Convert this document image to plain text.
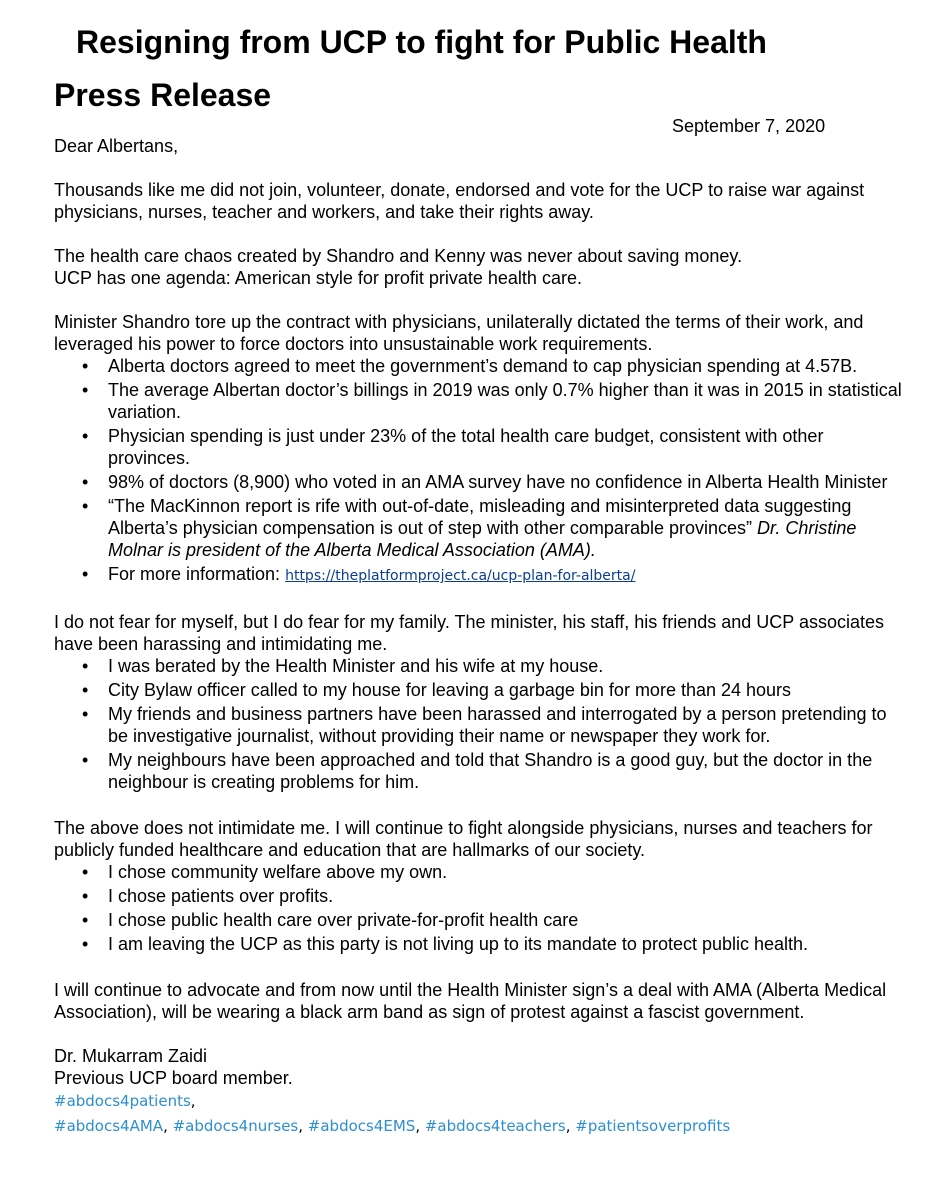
Resigning from UCP to fight for Public Health
Press Release
September 7, 2020

Dear Albertans,

Thousands like me did not join, volunteer, donate, endorsed and vote for the UCP to raise war against physicians, nurses, teacher and workers, and take their rights away.

The health care chaos created by Shandro and Kenny was never about saving money.

UCP has one agenda: American style for profit private health care.

Minister Shandro tore up the contract with physicians, unilaterally dictated the terms of their work, and leveraged his power to force doctors into unsustainable work requirements.

• Alberta doctors agreed to meet the government’s demand to cap physician spending at 4.57B.
• The average Albertan doctor’s billings in 2019 was only 0.7% higher than it was in 2015 in statistical variation.
• Physician spending is just under 23% of the total health care budget, consistent with other provinces.
• 98% of doctors (8,900) who voted in an AMA survey have no confidence in Alberta Health Minister
• “The MacKinnon report is rife with out-of-date, misleading and misinterpreted data suggesting Alberta’s physician compensation is out of step with other comparable provinces” Dr. Christine Molnar is president of the Alberta Medical Association (AMA).
• For more information: https://theplatformproject.ca/ucp-plan-for-alberta/

I do not fear for myself, but I do fear for my family. The minister, his staff, his friends and UCP associates have been harassing and intimidating me.

• I was berated by the Health Minister and his wife at my house.
• City Bylaw officer called to my house for leaving a garbage bin for more than 24 hours
• My friends and business partners have been harassed and interrogated by a person pretending to be investigative journalist, without providing their name or newspaper they work for.
• My neighbours have been approached and told that Shandro is a good guy, but the doctor in the neighbour is creating problems for him.

The above does not intimidate me. I will continue to fight alongside physicians, nurses and teachers for publicly funded healthcare and education that are hallmarks of our society.

• I chose community welfare above my own.
• I chose patients over profits.
• I chose public health care over private-for-profit health care
• I am leaving the UCP as this party is not living up to its mandate to protect public health.

I will continue to advocate and from now until the Health Minister sign’s a deal with AMA (Alberta Medical Association), will be wearing a black arm band as sign of protest against a fascist government.

Dr. Mukarram Zaidi

Previous UCP board member.

#abdocs4patients,
#abdocs4AMA, #abdocs4nurses, #abdocs4EMS, #abdocs4teachers, #patientsoverprofits
